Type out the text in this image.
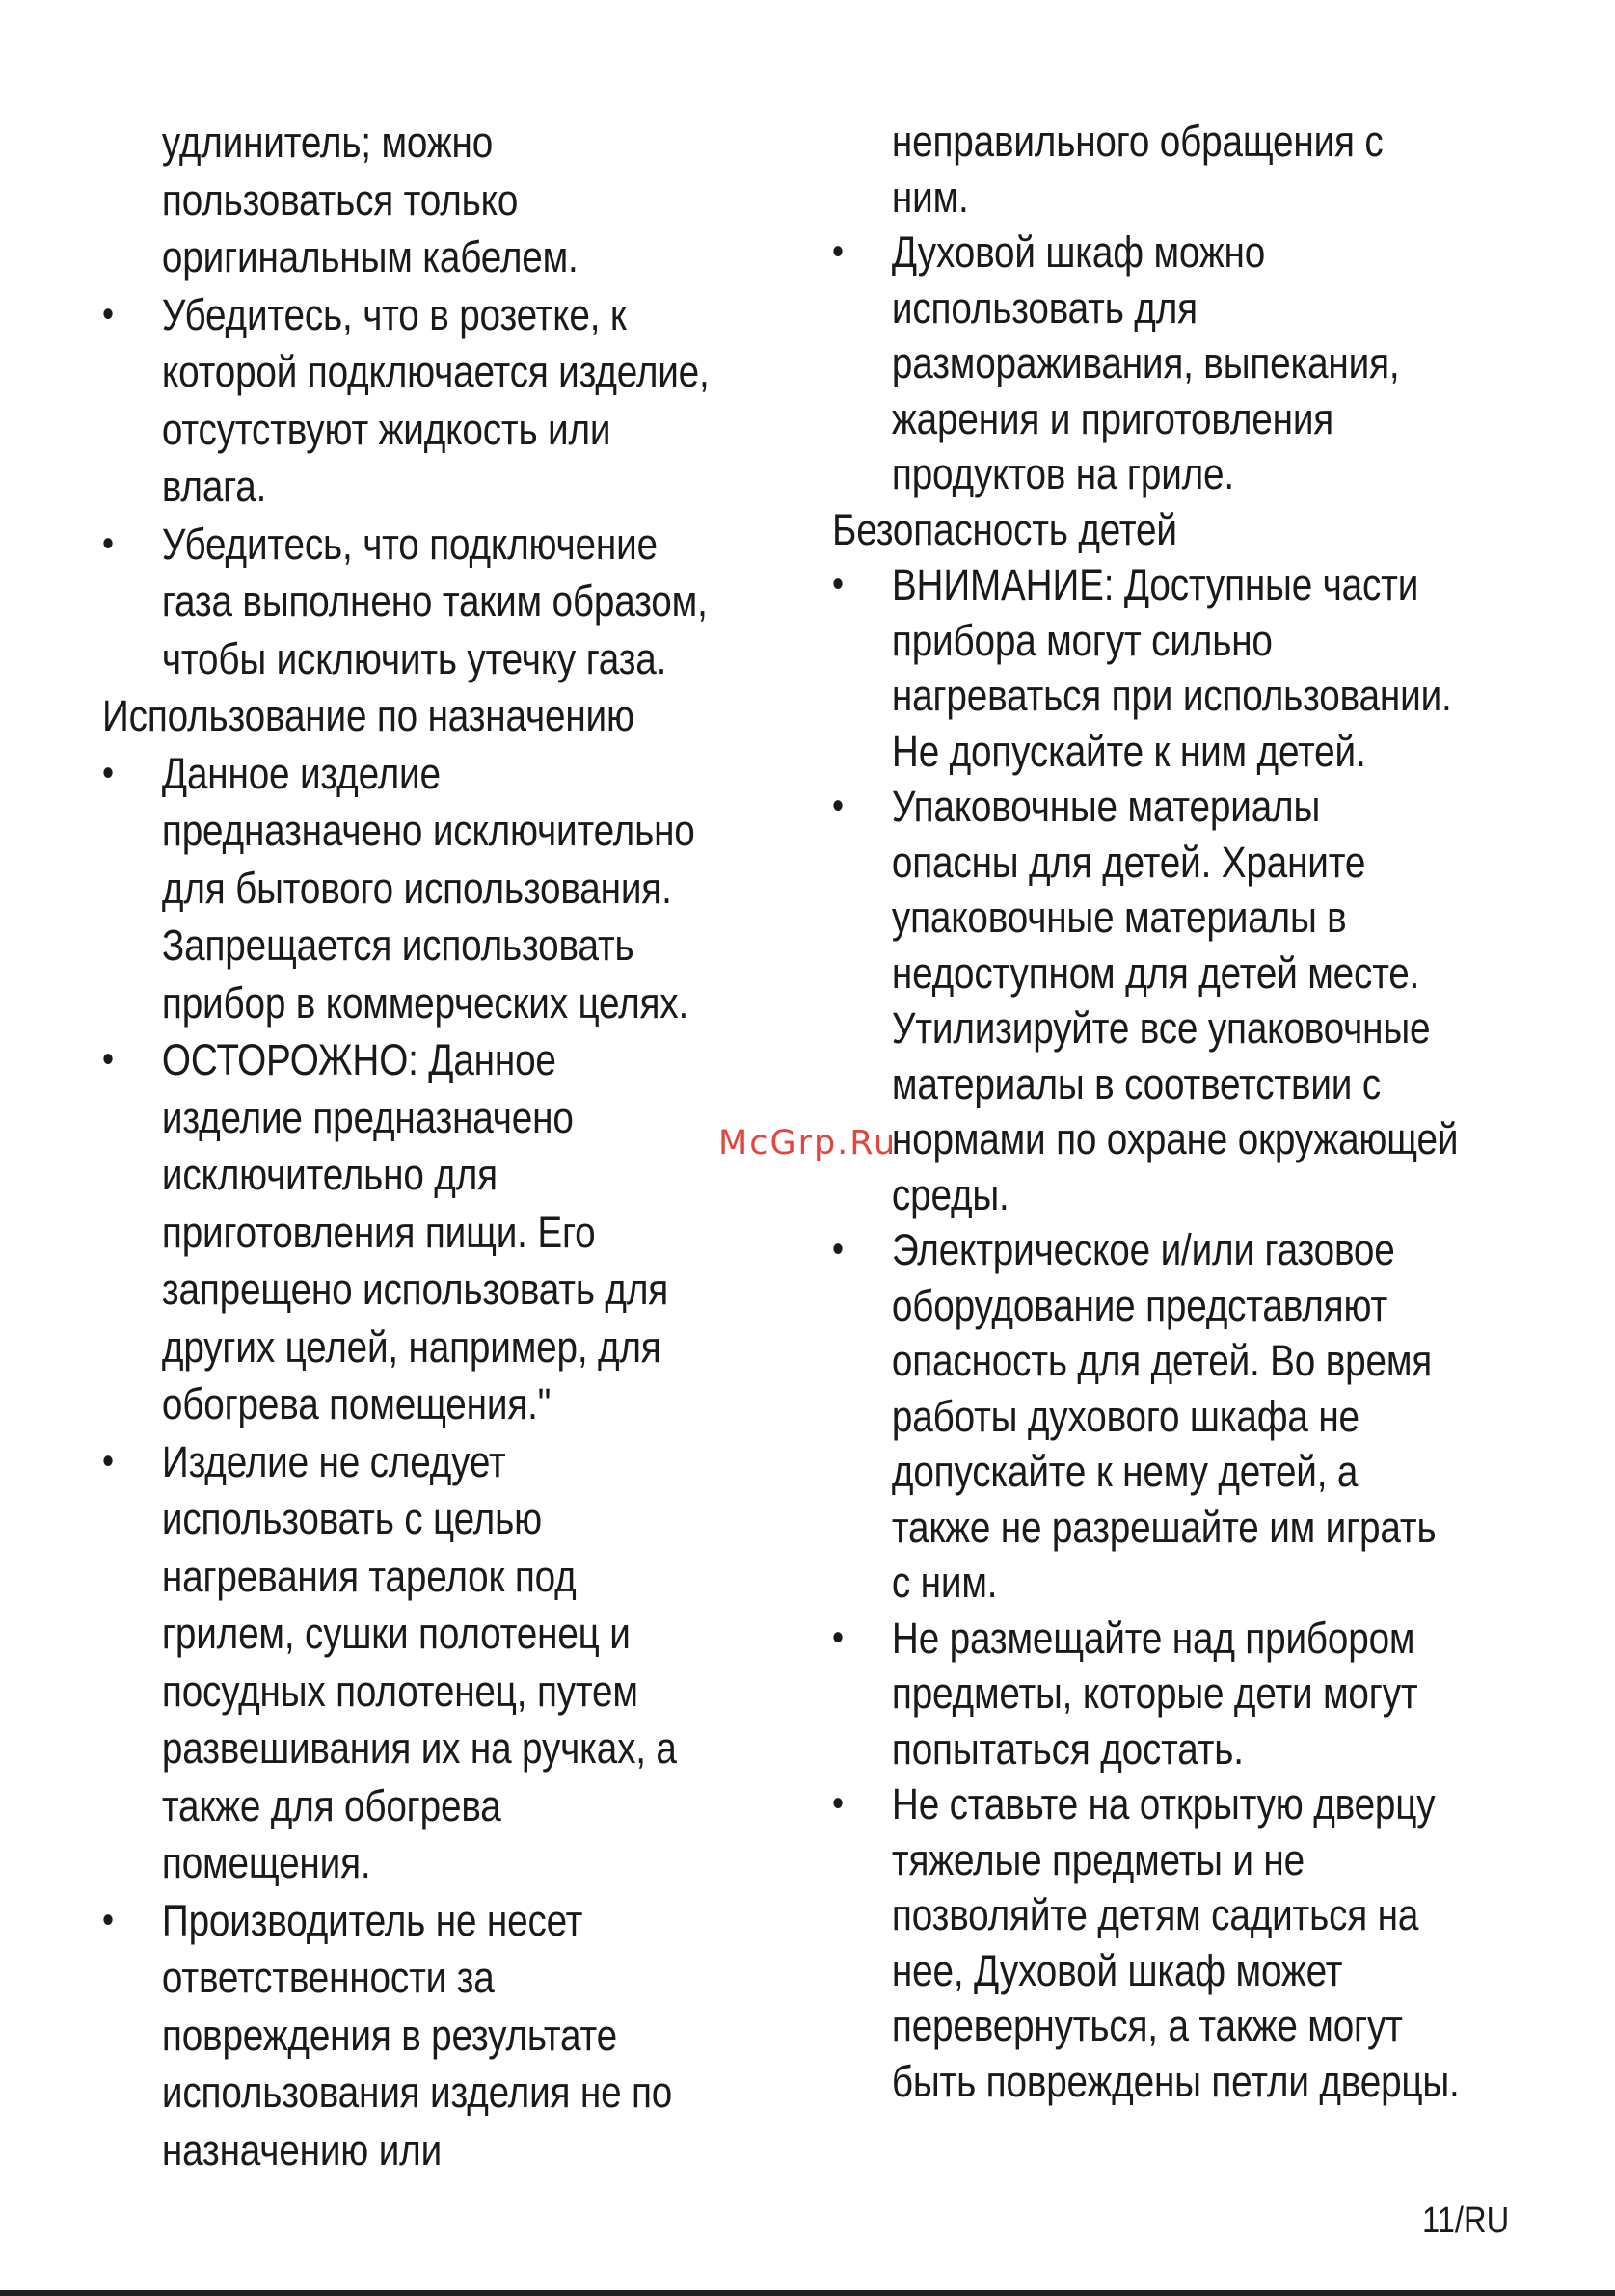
удлинитель; можно
пользоваться только
оригинальным кабелем.
• Убедитесь, что в розетке, к
которой подключается изделие,
отсутствуют жидкость или
влага.
• Убедитесь, что подключение
газа выполнено таким образом,
чтобы исключить утечку газа.
Использование по назначению
• Данное изделие
предназначено исключительно
для бытового использования.
Запрещается использовать
прибор в коммерческих целях.
• ОСТОРОЖНО: Данное
изделие предназначено
исключительно для
приготовления пищи. Его
запрещено использовать для
других целей, например, для
обогрева помещения."
• Изделие не следует
использовать с целью
нагревания тарелок под
грилем, сушки полотенец и
посудных полотенец, путем
развешивания их на ручках, а
также для обогрева
помещения.
• Производитель не несет
ответственности за
повреждения в результате
использования изделия не по
назначению или
неправильного обращения с
ним.
• Духовой шкаф можно
использовать для
размораживания, выпекания,
жарения и приготовления
продуктов на гриле.
Безопасность детей
• ВНИМАНИЕ: Доступные части
прибора могут сильно
нагреваться при использовании.
Не допускайте к ним детей.
• Упаковочные материалы
опасны для детей. Храните
упаковочные материалы в
недоступном для детей месте.
Утилизируйте все упаковочные
материалы в соответствии с
нормами по охране окружающей
среды.
• Электрическое и/или газовое
оборудование представляют
опасность для детей. Во время
работы духового шкафа не
допускайте к нему детей, а
также не разрешайте им играть
с ним.
• Не размещайте над прибором
предметы, которые дети могут
попытаться достать.
• Не ставьте на открытую дверцу
тяжелые предметы и не
позволяйте детям садиться на
нее, Духовой шкаф может
перевернуться, а также могут
быть повреждены петли дверцы.
McGrp.Ru
11/RU
